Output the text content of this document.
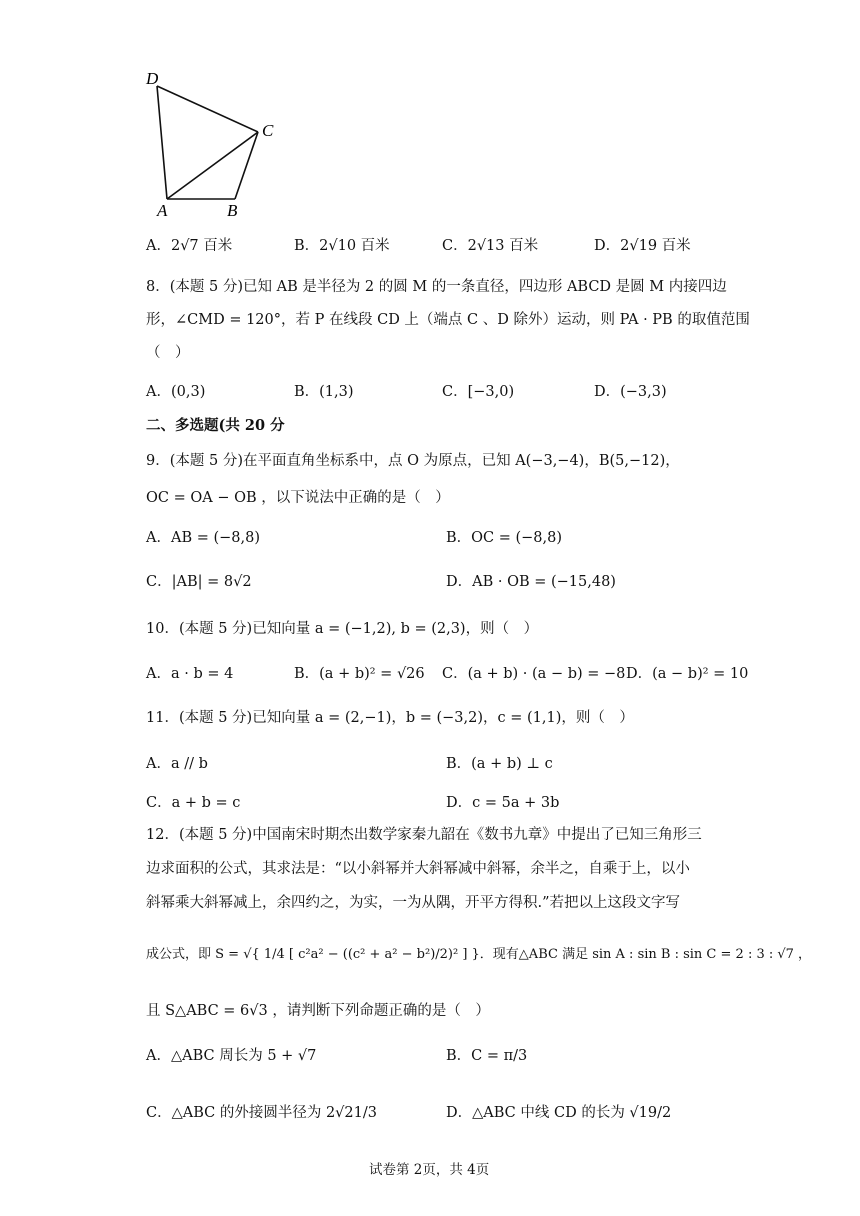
D
C
A	B
A．2√7 百米	B．2√10 百米	C．2√13 百米	D．2√19 百米
8．(本题 5 分)已知 AB 是半径为 2 的圆 M 的一条直径，四边形 ABCD 是圆 M 内接四边
形，∠CMD = 120°，若 P 在线段 CD 上（端点 C 、D 除外）运动，则 PA · PB 的取值范围
（　）
A．(0,3)	B．(1,3)	C．[−3,0)	D．(−3,3)
二、多选题(共 20 分
9．(本题 5 分)在平面直角坐标系中，点 O 为原点，已知 A(−3,−4)，B(5,−12)，
OC = OA − OB ，以下说法中正确的是（　）
A．AB = (−8,8)	B．OC = (−8,8)
C．|AB| = 8√2	D．AB · OB = (−15,48)
10．(本题 5 分)已知向量 a = (−1,2), b = (2,3)，则（　）
A．a · b = 4	B．(a + b)² = √26 C．(a + b) · (a − b) = −8 D．(a − b)² = 10
11．(本题 5 分)已知向量 a = (2,−1)，b = (−3,2)，c = (1,1)，则（　）
A．a // b	B．(a + b) ⊥ c
C．a + b = c	D．c = 5a + 3b
12．(本题 5 分)中国南宋时期杰出数学家秦九韶在《数书九章》中提出了已知三角形三
边求面积的公式，其求法是：“以小斜幂并大斜幂减中斜幂，余半之，自乘于上，以小
斜幂乘大斜幂减上，余四约之，为实，一为从隅，开平方得积.”若把以上这段文字写
成公式，即 S = √{ 1/4 [ c²a² − ((c² + a² − b²)/2)² ] }．现有△ABC 满足 sin A : sin B : sin C = 2 : 3 : √7 ，
且 S△ABC = 6√3 ，请判断下列命题正确的是（　）
A．△ABC 周长为 5 + √7	B．C = π/3
C．△ABC 的外接圆半径为 2√21/3	D．△ABC 中线 CD 的长为 √19/2
试卷第 2页，共 4页
